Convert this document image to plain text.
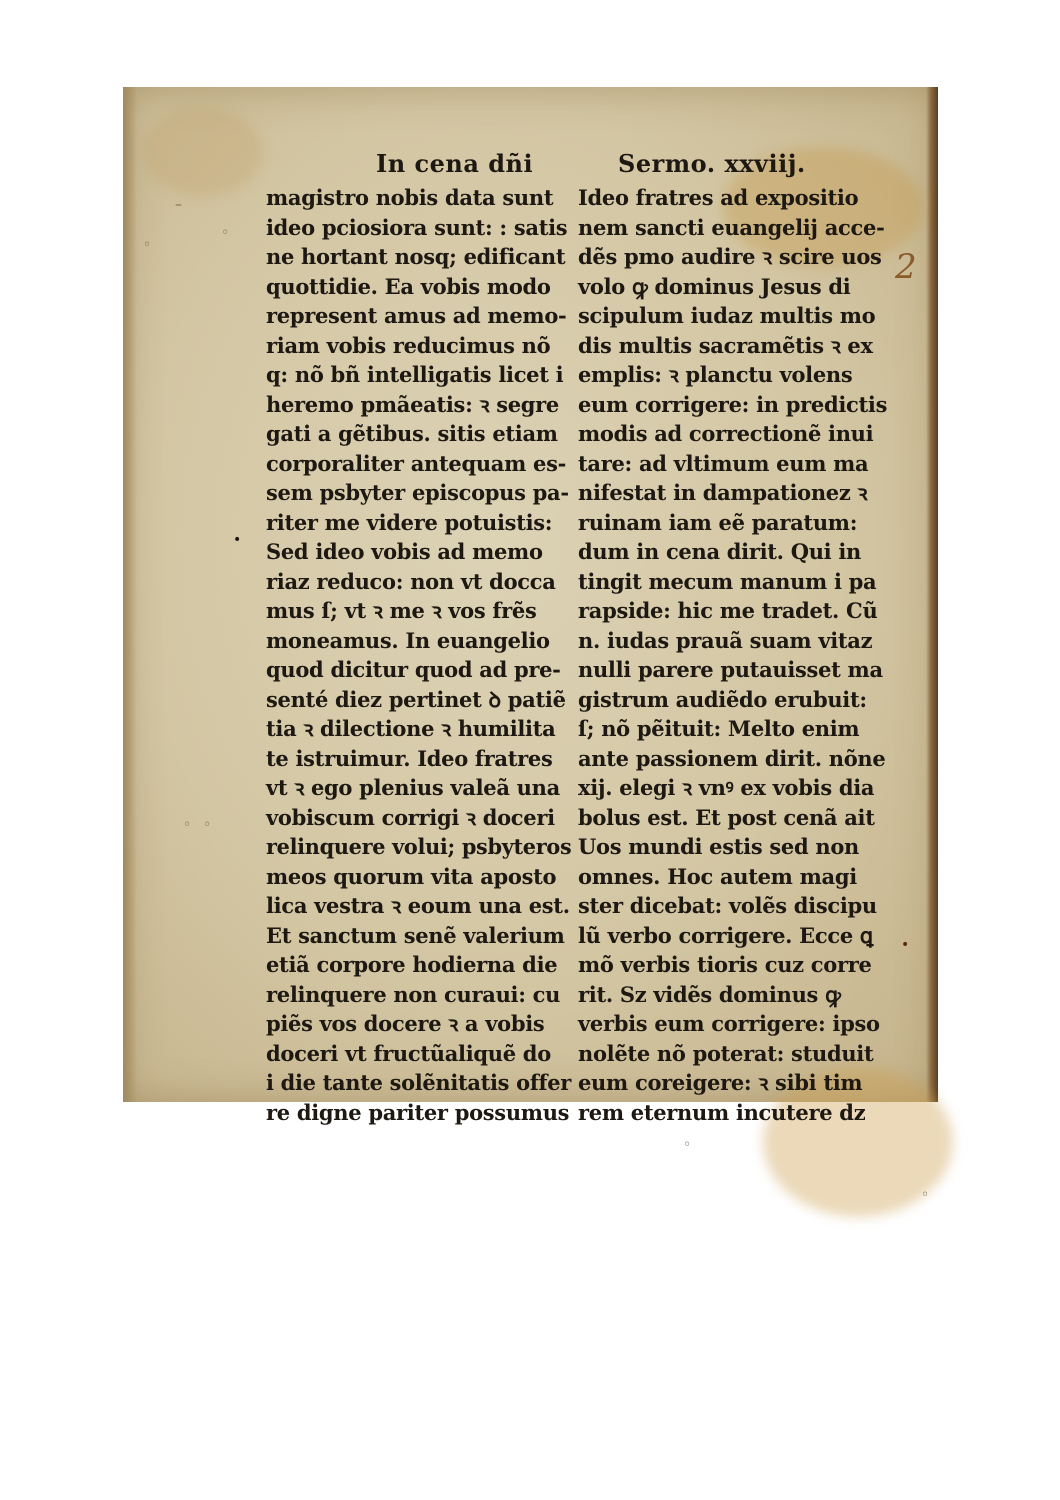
In cena dñi
magistro nobis data sunt
ideo pciosiora sunt: : satis
ne hortant nosq; edificant
quottidie. Ea vobis modo
represent amus ad memo-
riam vobis reducimus nõ
q: nõ bñ intelligatis licet i
heremo pmãeatis: ꝛ segre
gati a gẽtibus. sitis etiam
corporaliter antequam es-
sem psbyter episcopus pa-
riter me videre potuistis:
Sed ideo vobis ad memo
riaz reduco: non vt docca
mus ſ; vt ꝛ me ꝛ vos frẽs
moneamus. In euangelio
quod dicitur quod ad pre-
senté diez pertinet ꝺ patiẽ
tia ꝛ dilectione ꝛ humilita
te istruimur. Ideo fratres
vt ꝛ ego plenius valeã una
vobiscum corrigi ꝛ doceri
relinquere volui; psbyteros
meos quorum vita aposto
lica vestra ꝛ eoum una est.
Et sanctum senẽ valerium
etiã corpore hodierna die
relinquere non curaui: cu
piẽs vos docere ꝛ a vobis
doceri vt fructũaliquẽ do
i die tante solẽnitatis offer
re digne pariter possumus
Sermo. xxviij.
Ideo fratres ad expositio
nem sancti euangelij acce-
dẽs pmo audire ꝛ scire uos
volo ꝙ dominus Jesus di
scipulum iudaz multis mo
dis multis sacramẽtis ꝛ ex
emplis: ꝛ planctu volens
eum corrigere: in predictis
modis ad correctionẽ inui
tare: ad vltimum eum ma
nifestat in dampationez ꝛ
ruinam iam eẽ paratum:
dum in cena dirit. Qui in
tingit mecum manum i pa
rapside: hic me tradet. Cũ
n. iudas prauã suam vitaz
nulli parere putauisset ma
gistrum audiẽdo erubuit:
ſ; nõ pẽituit: Melto enim
ante passionem dirit. nõne
xij. elegi ꝛ vnꝰ ex vobis dia
bolus est. Et post cenã ait
Uos mundi estis sed non
omnes. Hoc autem magi
ster dicebat: volẽs discipu
lũ verbo corrigere. Ecce ꝗ
mõ verbis tioris cuz corre
rit. Sz vidẽs dominus ꝙ
verbis eum corrigere: ipso
nolẽte nõ poterat: studuit
eum coreigere: ꝛ sibi tim
rem eternum incutere dz
2
–
◦
◦
•
◦ ◦
•
◦
◦
